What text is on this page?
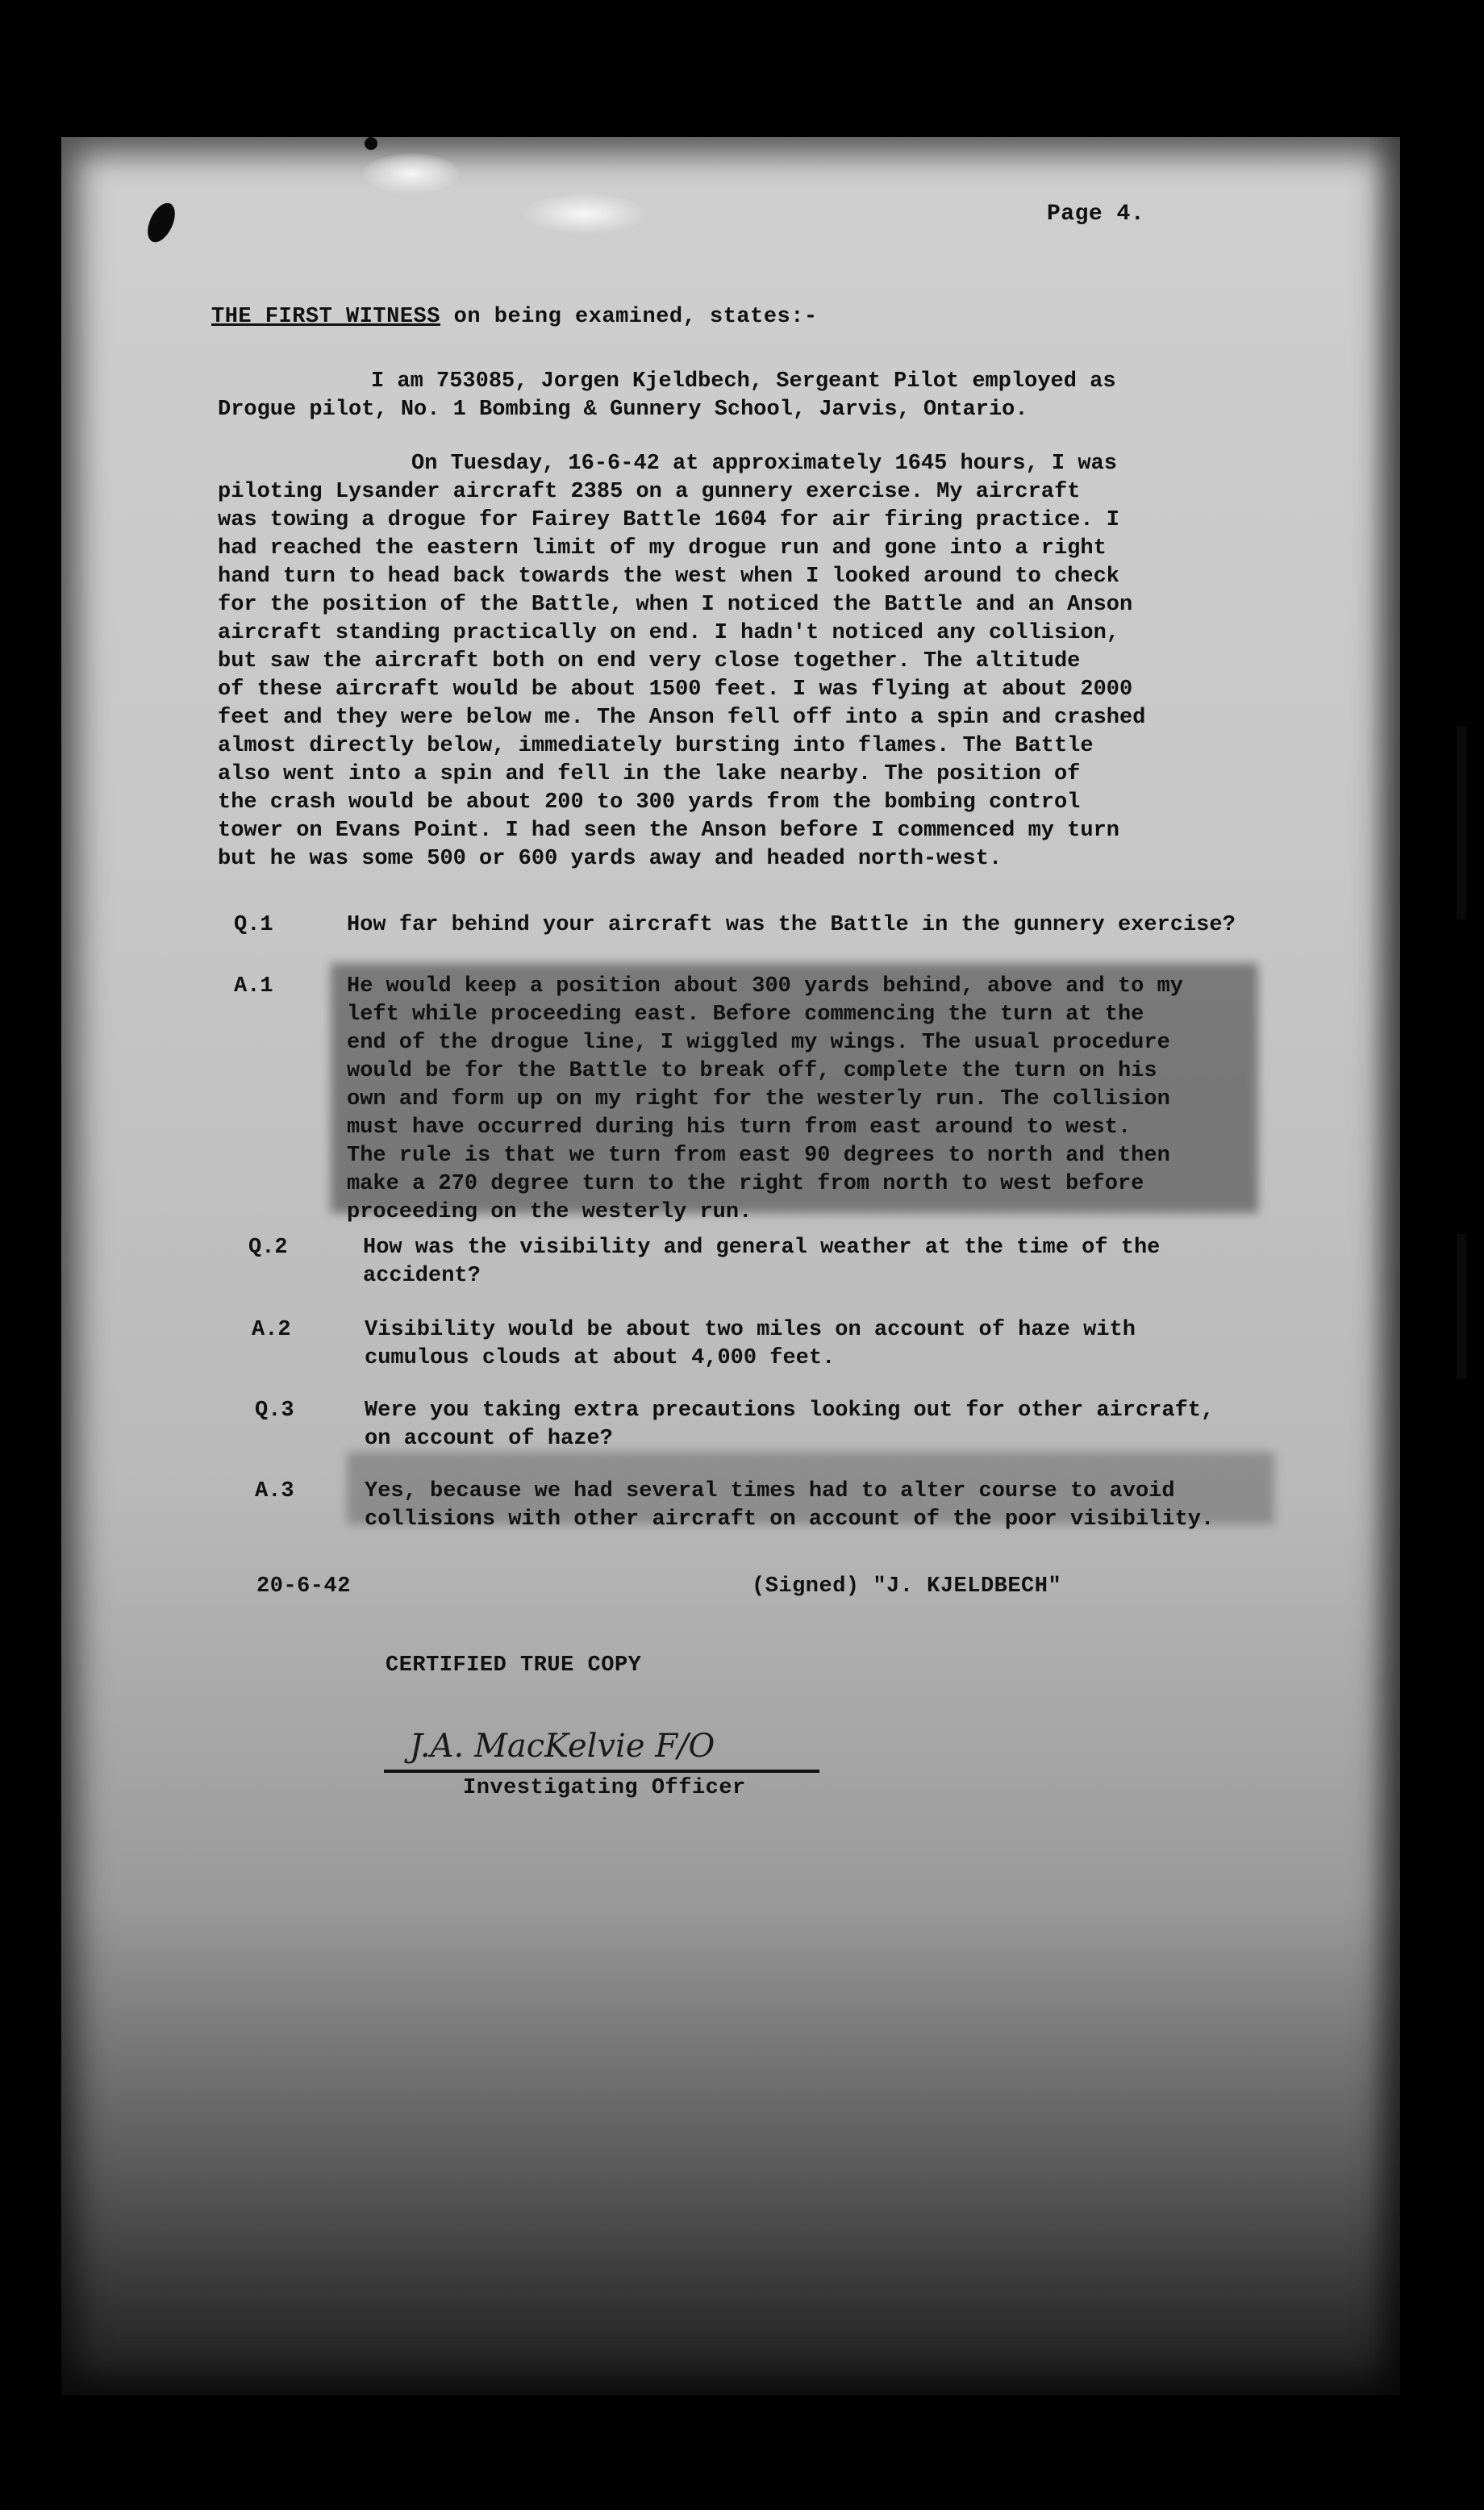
Page 4.
THE FIRST WITNESS on being examined, states:-
I am 753085, Jorgen Kjeldbech, Sergeant Pilot employed as
Drogue pilot, No. 1 Bombing & Gunnery School, Jarvis, Ontario.
On Tuesday, 16-6-42 at approximately 1645 hours, I was
piloting Lysander aircraft 2385 on a gunnery exercise. My aircraft
was towing a drogue for Fairey Battle 1604 for air firing practice. I
had reached the eastern limit of my drogue run and gone into a right
hand turn to head back towards the west when I looked around to check
for the position of the Battle, when I noticed the Battle and an Anson
aircraft standing practically on end. I hadn't noticed any collision,
but saw the aircraft both on end very close together. The altitude
of these aircraft would be about 1500 feet. I was flying at about 2000
feet and they were below me. The Anson fell off into a spin and crashed
almost directly below, immediately bursting into flames. The Battle
also went into a spin and fell in the lake nearby. The position of
the crash would be about 200 to 300 yards from the bombing control
tower on Evans Point. I had seen the Anson before I commenced my turn
but he was some 500 or 600 yards away and headed north-west.
Q.1	How far behind your aircraft was the Battle in the gunnery exercise?
A.1	He would keep a position about 300 yards behind, above and to my
left while proceeding east. Before commencing the turn at the
end of the drogue line, I wiggled my wings. The usual procedure
would be for the Battle to break off, complete the turn on his
own and form up on my right for the westerly run. The collision
must have occurred during his turn from east around to west.
The rule is that we turn from east 90 degrees to north and then
make a 270 degree turn to the right from north to west before
proceeding on the westerly run.
Q.2	How was the visibility and general weather at the time of the
accident?
A.2	Visibility would be about two miles on account of haze with
cumulous clouds at about 4,000 feet.
Q.3	Were you taking extra precautions looking out for other aircraft,
on account of haze?
A.3	Yes, because we had several times had to alter course to avoid
collisions with other aircraft on account of the poor visibility.
20-6-42	(Signed) "J. KJELDBECH"
CERTIFIED TRUE COPY
J.A. MacKelvie F/O
Investigating Officer
